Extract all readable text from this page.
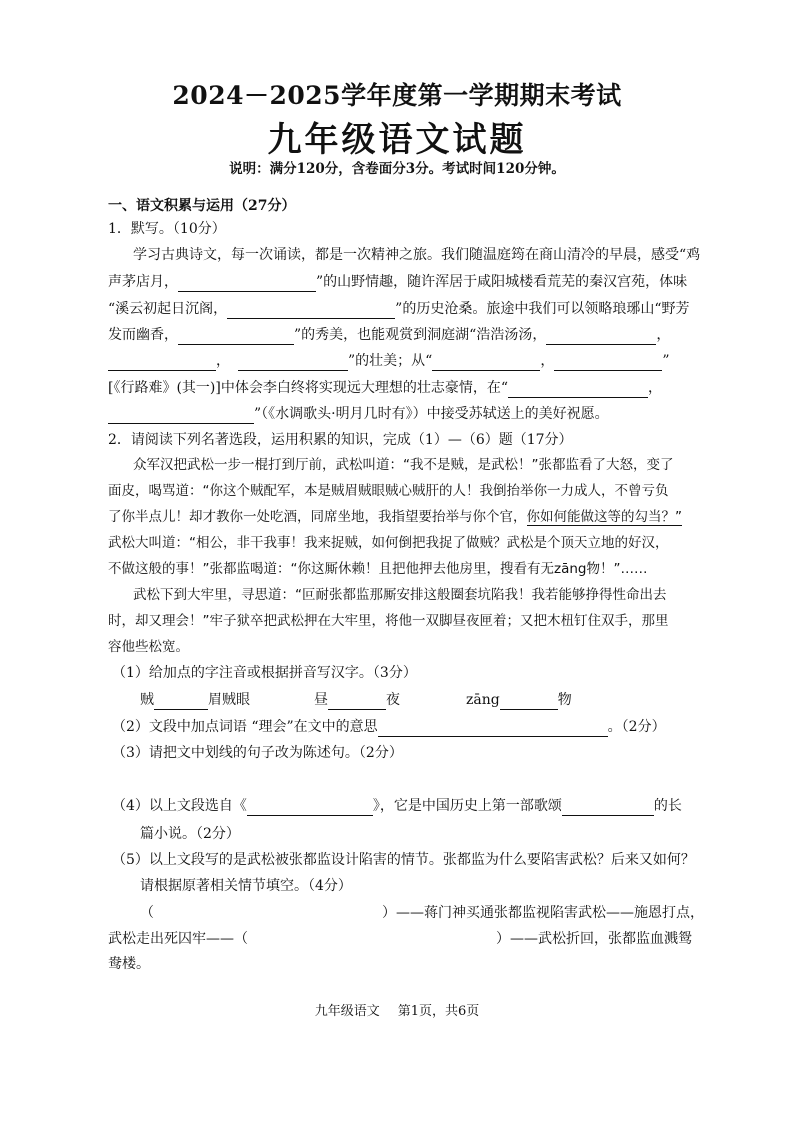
2024－2025学年度第一学期期末考试
九年级语文试题
说明：满分120分，含卷面分3分。考试时间120分钟。
一、语文积累与运用（27分）
1．默写。（10分）
学习古典诗文，每一次诵读，都是一次精神之旅。我们随温庭筠在商山清冷的早晨，感受“鸡
声茅店月，	”的山野情趣，随许浑居于咸阳城楼看荒芜的秦汉宫苑，体味
“溪云初起日沉阁，	”的历史沧桑。旅途中我们可以领略琅琊山“野芳
发而幽香，	”的秀美，也能观赏到洞庭湖“浩浩汤汤，	，
，	”的壮美；从“	，	”
[《行路难》(其一)]中体会李白终将实现远大理想的壮志豪情，在“	，
”（《水调歌头·明月几时有》）中接受苏轼送上的美好祝愿。
2．请阅读下列名著选段，运用积累的知识，完成（1）—（6）题（17分）
众军汉把武松一步一棍打到厅前，武松叫道：“我不是贼，是武松！”张都监看了大怒，变了
面皮，喝骂道：“你这个贼配军，本是贼眉贼眼贼心贼肝的人！我倒抬举你一力成人，不曾亏负
了你半点儿！却才教你一处吃酒，同席坐地，我指望要抬举与你个官，你如何能做这等的勾当？”
武松大叫道：“相公，非干我事！我来捉贼，如何倒把我捉了做贼？武松是个顶天立地的好汉，
不做这般的事！”张都监喝道：“你这厮休赖！且把他押去他房里，搜看有无zāng物！”……
武松下到大牢里，寻思道：“叵耐张都监那厮安排这般圈套坑陷我！我若能够挣得性命出去
时，却又理会！”牢子狱卒把武松押在大牢里，将他一双脚昼夜匣着；又把木杻钉住双手，那里
容他些松宽。
（1）给加点的字注音或根据拼音写汉字。（3分）
贼	眉贼眼	昼	夜	zāng	物
（2）文段中加点词语 “理会”在文中的意思	。（2分）
（3）请把文中划线的句子改为陈述句。（2分）
（4）以上文段选自《	》，它是中国历史上第一部歌颂	的长
篇小说。（2分）
（5）以上文段写的是武松被张都监设计陷害的情节。张都监为什么要陷害武松？后来又如何？
请根据原著相关情节填空。（4分）
（	）——蒋门神买通张都监视陷害武松——施恩打点，
武松走出死囚牢——（	）——武松折回，张都监血溅鸳
鸯楼。
九年级语文 第1页，共6页
